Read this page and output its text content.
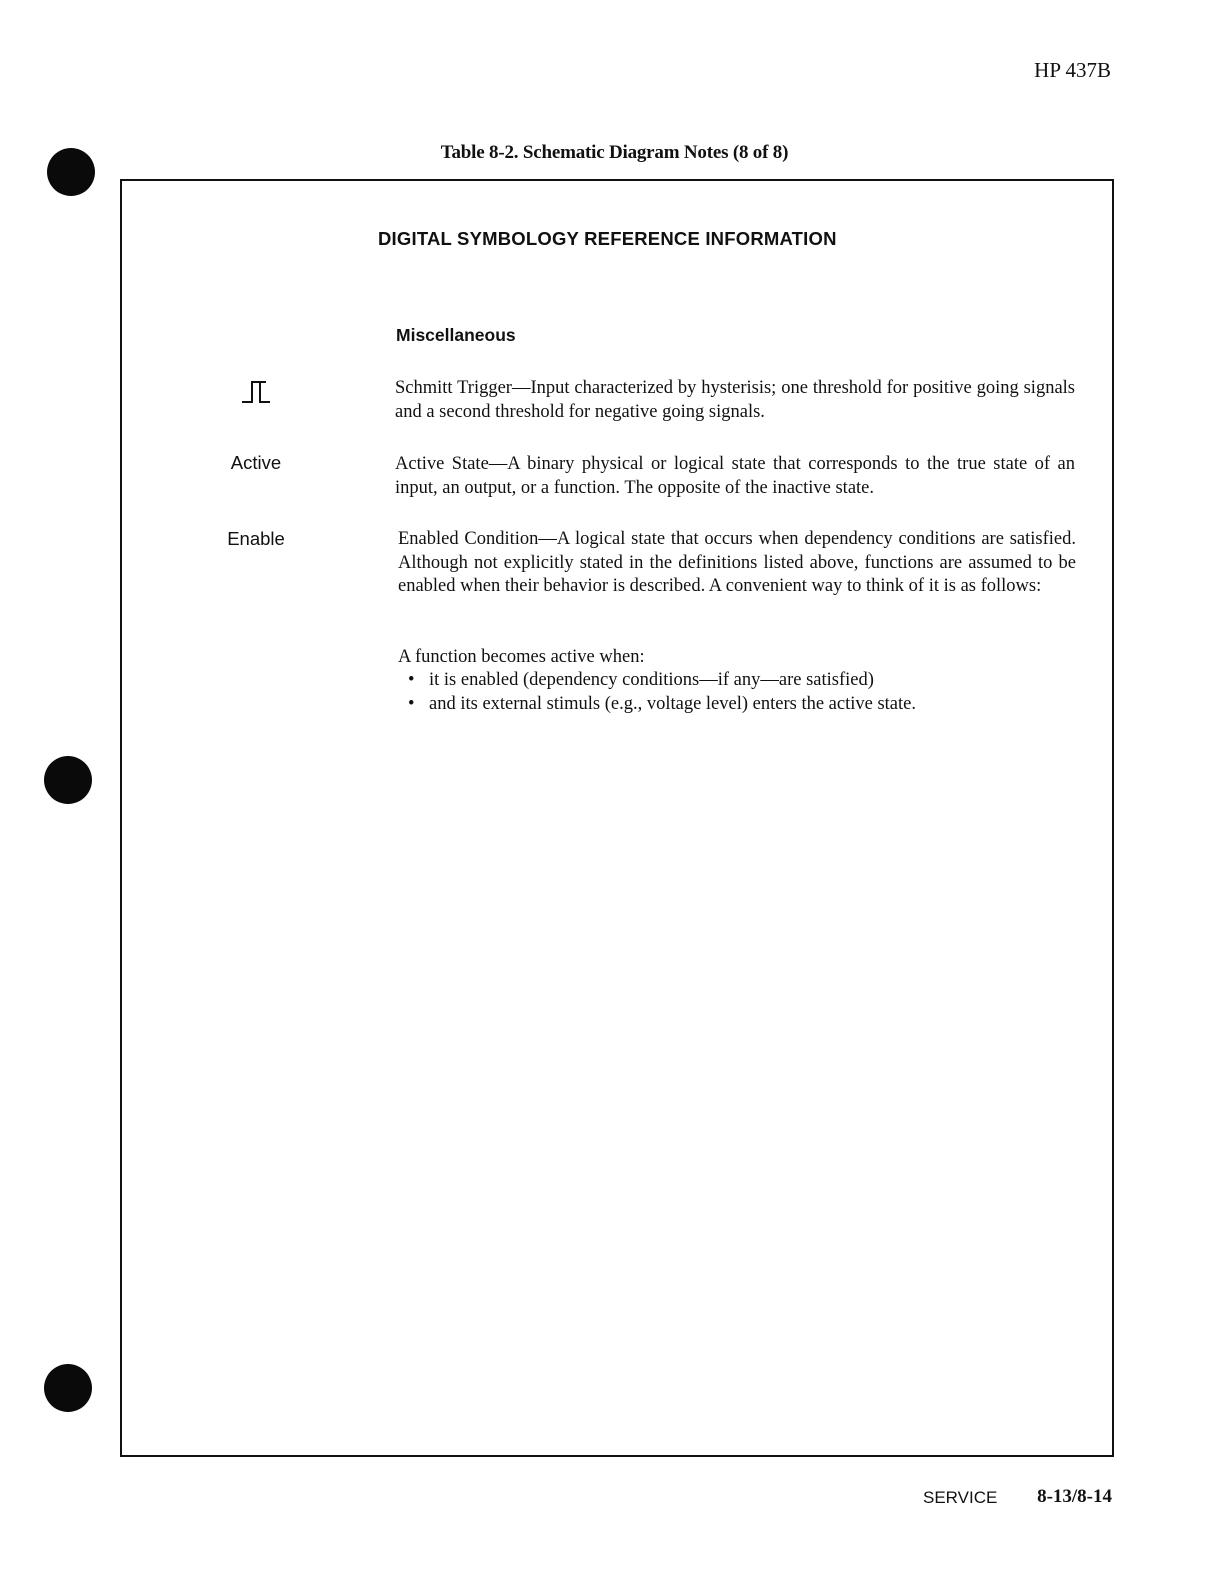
HP 437B
Table 8-2. Schematic Diagram Notes (8 of 8)
DIGITAL SYMBOLOGY REFERENCE INFORMATION
Miscellaneous
Schmitt Trigger—Input characterized by hysterisis; one threshold for positive going signals and a second threshold for negative going signals.
Active	Active State—A binary physical or logical state that corresponds to the true state of an input, an output, or a function. The opposite of the inactive state.
Enable	Enabled Condition—A logical state that occurs when dependency conditions are satisfied. Although not explicitly stated in the definitions listed above, functions are assumed to be enabled when their behavior is described. A convenient way to think of it is as follows:
A function becomes active when:
• it is enabled (dependency conditions—if any—are satisfied)
• and its external stimuls (e.g., voltage level) enters the active state.
SERVICE 8-13/8-14
